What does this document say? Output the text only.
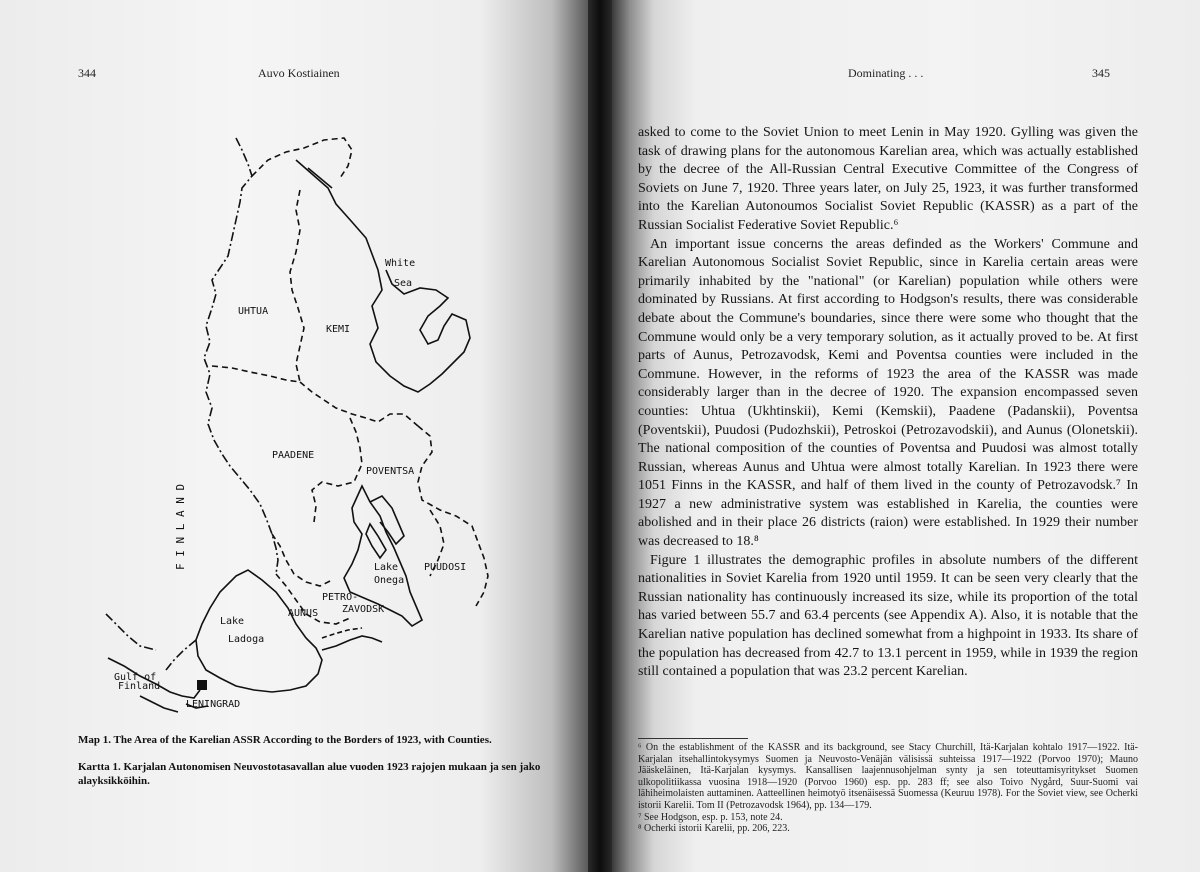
344	Auvo Kostiainen
White
Sea
UHTUA
KEMI
PAADENE
POVENTSA
Lake
Onega
PUUDOSI
PETRO-
ZAVODSK
AUNUS
Lake
Ladoga
Gulf of
Finland
LENINGRAD
F I N L A N D
Map 1. The Area of the Karelian ASSR According to the Borders of 1923, with Counties.
Kartta 1. Karjalan Autonomisen Neuvostotasavallan alue vuoden 1923 rajojen mukaan ja sen jako alayksikköihin.
Dominating . . .	345

asked to come to the Soviet Union to meet Lenin in May 1920. Gylling was given the task of drawing plans for the autonomous Karelian area, which was actually established by the decree of the All-Russian Central Executive Committee of the Congress of Soviets on June 7, 1920. Three years later, on July 25, 1923, it was further transformed into the Karelian Autonoumos Socialist Soviet Republic (KASSR) as a part of the Russian Socialist Federative Soviet Republic.⁶

An important issue concerns the areas definded as the Workers' Commune and Karelian Autonomous Socialist Soviet Republic, since in Karelia certain areas were primarily inhabited by the "national" (or Karelian) population while others were dominated by Russians. At first according to Hodgson's results, there was considerable debate about the Commune's boundaries, since there were some who thought that the Commune would only be a very temporary solution, as it actually proved to be. At first parts of Aunus, Petrozavodsk, Kemi and Poventsa counties were included in the Commune. However, in the reforms of 1923 the area of the KASSR was made considerably larger than in the decree of 1920. The expansion encompassed seven counties: Uhtua (Ukhtinskii), Kemi (Kemskii), Paadene (Padanskii), Poventsa (Poventskii), Puudosi (Pudozhskii), Petroskoi (Petrozavodskii), and Aunus (Olonetskii). The national composition of the counties of Poventsa and Puudosi was almost totally Russian, whereas Aunus and Uhtua were almost totally Karelian. In 1923 there were 1051 Finns in the KASSR, and half of them lived in the county of Petrozavodsk.⁷ In 1927 a new administrative system was established in Karelia, the counties were abolished and in their place 26 districts (raion) were established. In 1929 their number was decreased to 18.⁸

Figure 1 illustrates the demographic profiles in absolute numbers of the different nationalities in Soviet Karelia from 1920 until 1959. It can be seen very clearly that the Russian nationality has continuously increased its size, while its proportion of the total has varied between 55.7 and 63.4 percents (see Appendix A). Also, it is notable that the Karelian native population has declined somewhat from a highpoint in 1933. Its share of the population has decreased from 42.7 to 13.1 percent in 1959, while in 1939 the region still contained a population that was 23.2 percent Karelian.

⁶ On the establishment of the KASSR and its background, see Stacy Churchill, Itä-Karjalan kohtalo 1917—1922. Itä-Karjalan itsehallintokysymys Suomen ja Neuvosto-Venäjän välisissä suhteissa 1917—1922 (Porvoo 1970); Mauno Jääskeläinen, Itä-Karjalan kysymys. Kansallisen laajennusohjelman synty ja sen toteuttamisyritykset Suomen ulkopolitiikassa vuosina 1918—1920 (Porvoo 1960) esp. pp. 283 ff; see also Toivo Nygård, Suur-Suomi vai lähiheimolaisten auttaminen. Aatteellinen heimotyö itsenäisessä Suomessa (Keuruu 1978). For the Soviet view, see Ocherki istorii Karelii. Tom II (Petrozavodsk 1964), pp. 134—179.

⁷ See Hodgson, esp. p. 153, note 24.

⁸ Ocherki istorii Karelii, pp. 206, 223.
